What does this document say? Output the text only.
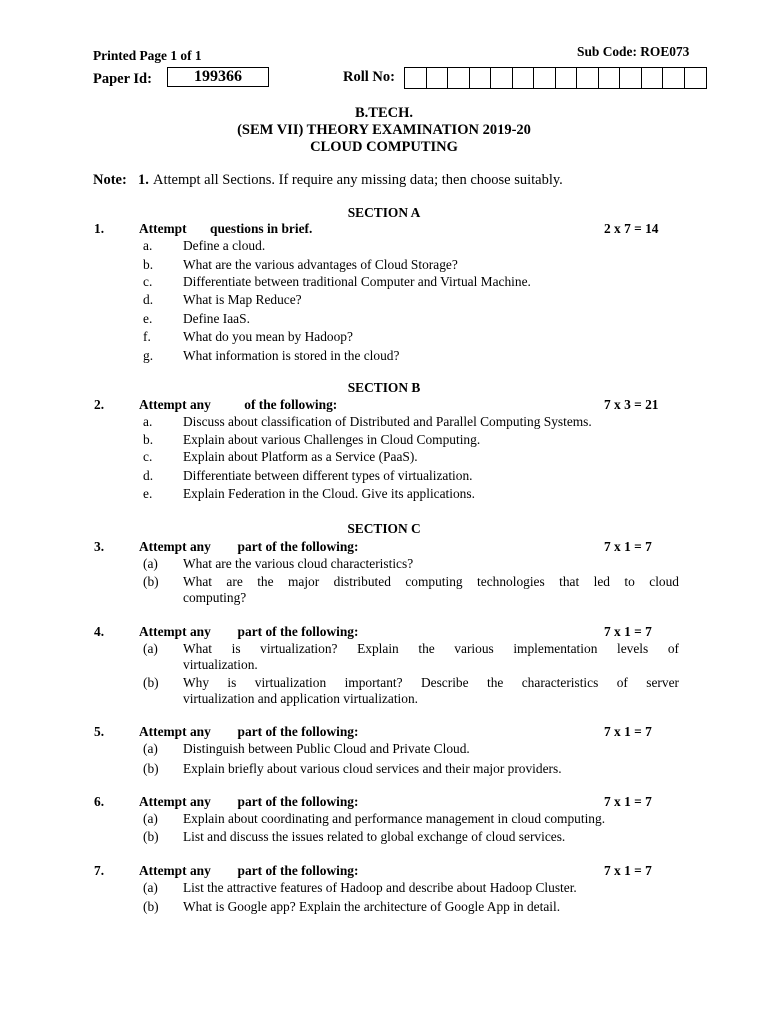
Printed Page 1 of 1	Sub Code: ROE073
Paper Id:	199366	Roll No:
B.TECH.
(SEM VII) THEORY EXAMINATION 2019-20
CLOUD COMPUTING
Note: 1. Attempt all Sections. If require any missing data; then choose suitably.
SECTION A
1.	Attempt       questions in brief.	2 x 7 = 14
a. Define a cloud.
b. What are the various advantages of Cloud Storage?
c. Differentiate between traditional Computer and Virtual Machine.
d. What is Map Reduce?
e. Define IaaS.
f. What do you mean by Hadoop?
g. What information is stored in the cloud?
SECTION B
2.	Attempt any          of the following:	7 x 3 = 21
a. Discuss about classification of Distributed and Parallel Computing Systems.
b. Explain about various Challenges in Cloud Computing.
c. Explain about Platform as a Service (PaaS).
d. Differentiate between different types of virtualization.
e. Explain Federation in the Cloud. Give its applications.
SECTION C
3.	Attempt any        part of the following:	7 x 1 = 7
(a) What are the various cloud characteristics?
(b) What are the major distributed computing technologies that led to cloud
computing?
4.	Attempt any        part of the following:	7 x 1 = 7
(a) What is virtualization? Explain the various implementation levels of
virtualization.
(b) Why is virtualization important? Describe the characteristics of server
virtualization and application virtualization.
5.	Attempt any        part of the following:	7 x 1 = 7
(a) Distinguish between Public Cloud and Private Cloud.
(b) Explain briefly about various cloud services and their major providers.
6.	Attempt any        part of the following:	7 x 1 = 7
(a) Explain about coordinating and performance management in cloud computing.
(b) List and discuss the issues related to global exchange of cloud services.
7.	Attempt any        part of the following:	7 x 1 = 7
(a) List the attractive features of Hadoop and describe about Hadoop Cluster.
(b) What is Google app? Explain the architecture of Google App in detail.
